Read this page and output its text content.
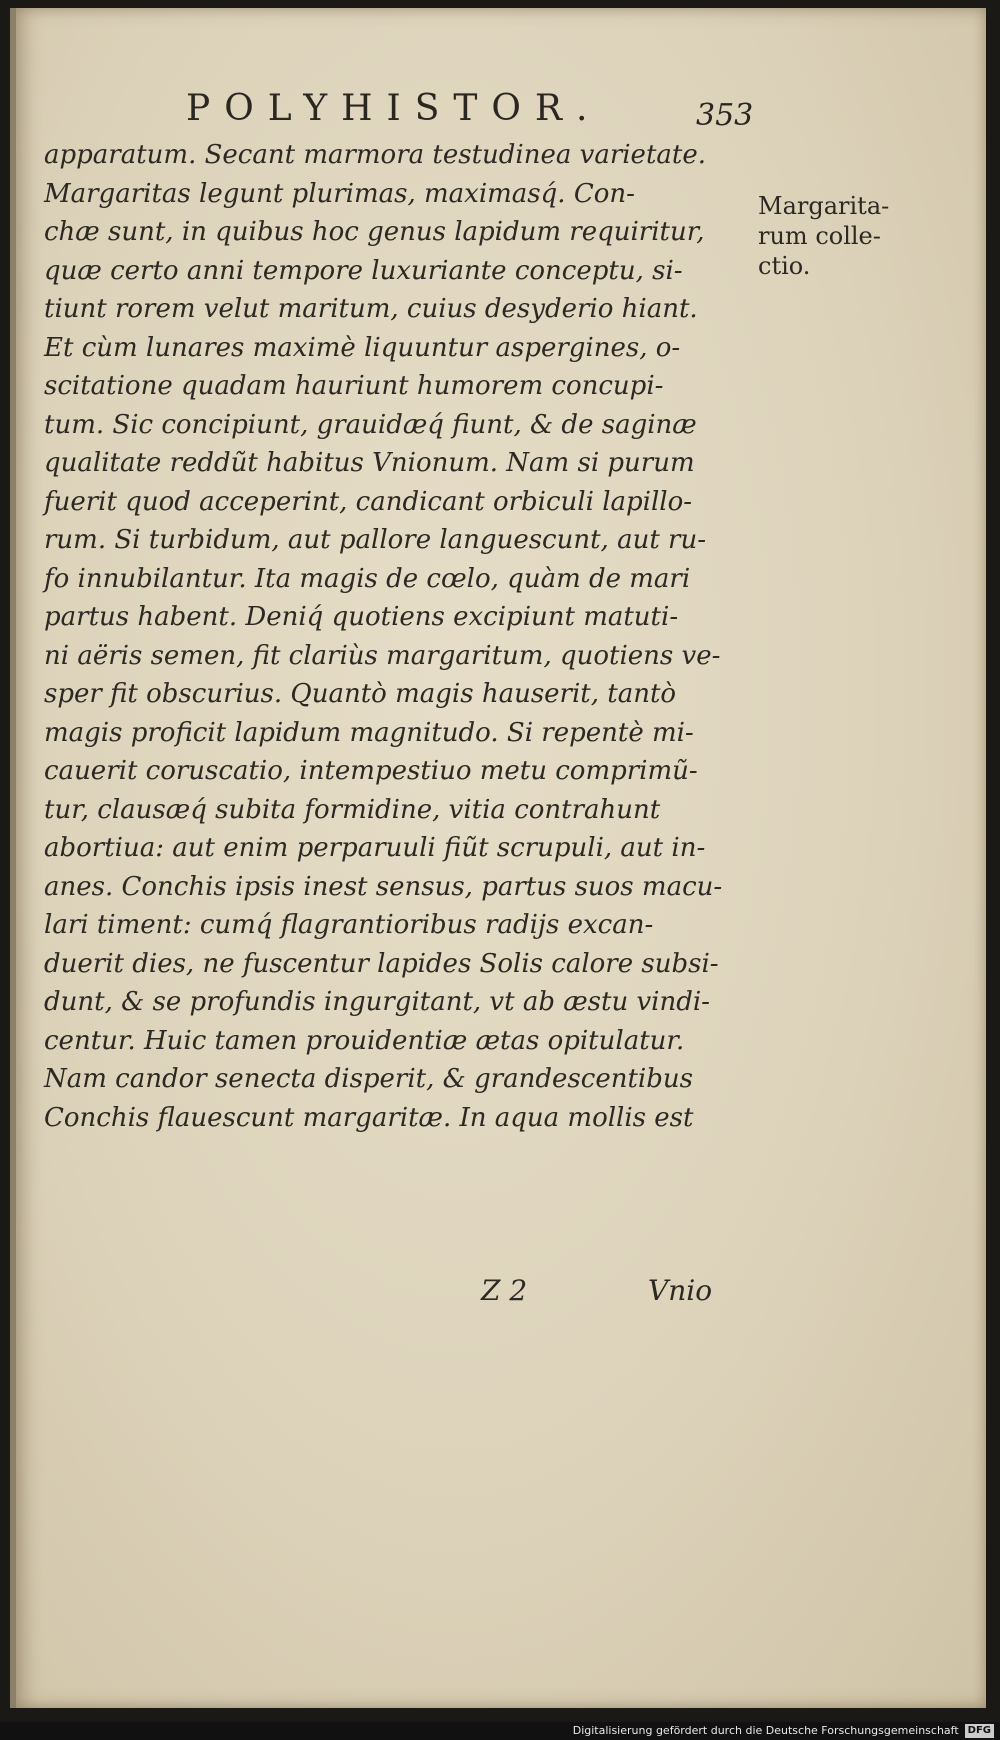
POLYHISTOR.	353
apparatum. Secant marmora testudinea varietate.
Margaritas legunt plurimas, maximasq́. Con-
chæ sunt, in quibus hoc genus lapidum requiritur,
quæ certo anni tempore luxuriante conceptu, si-
tiunt rorem velut maritum, cuius desyderio hiant.
Et cùm lunares maximè liquuntur aspergines, o-
scitatione quadam hauriunt humorem concupi-
tum. Sic concipiunt, grauidæq́ fiunt, & de saginæ
qualitate reddũt habitus Vnionum. Nam si purum
fuerit quod acceperint, candicant orbiculi lapillo-
rum. Si turbidum, aut pallore languescunt, aut ru-
fo innubilantur. Ita magis de cœlo, quàm de mari
partus habent. Deniq́ quotiens excipiunt matuti-
ni aëris semen, fit clariùs margaritum, quotiens ve-
sper fit obscurius. Quantò magis hauserit, tantò
magis proficit lapidum magnitudo. Si repentè mi-
cauerit coruscatio, intempestiuo metu comprimũ-
tur, clausæq́ subita formidine, vitia contrahunt
abortiua: aut enim perparuuli fiũt scrupuli, aut in-
anes. Conchis ipsis inest sensus, partus suos macu-
lari timent: cumq́ flagrantioribus radijs excan-
duerit dies, ne fuscentur lapides Solis calore subsi-
dunt, & se profundis ingurgitant, vt ab æstu vindi-
centur. Huic tamen prouidentiæ ætas opitulatur.
Nam candor senecta disperit, & grandescentibus
Conchis flauescunt margaritæ. In aqua mollis est
Margarita-
rum colle-
ctio.
Z 2	Vnio
Digitalisierung gefördert durch die Deutsche Forschungsgemeinschaft DFG
